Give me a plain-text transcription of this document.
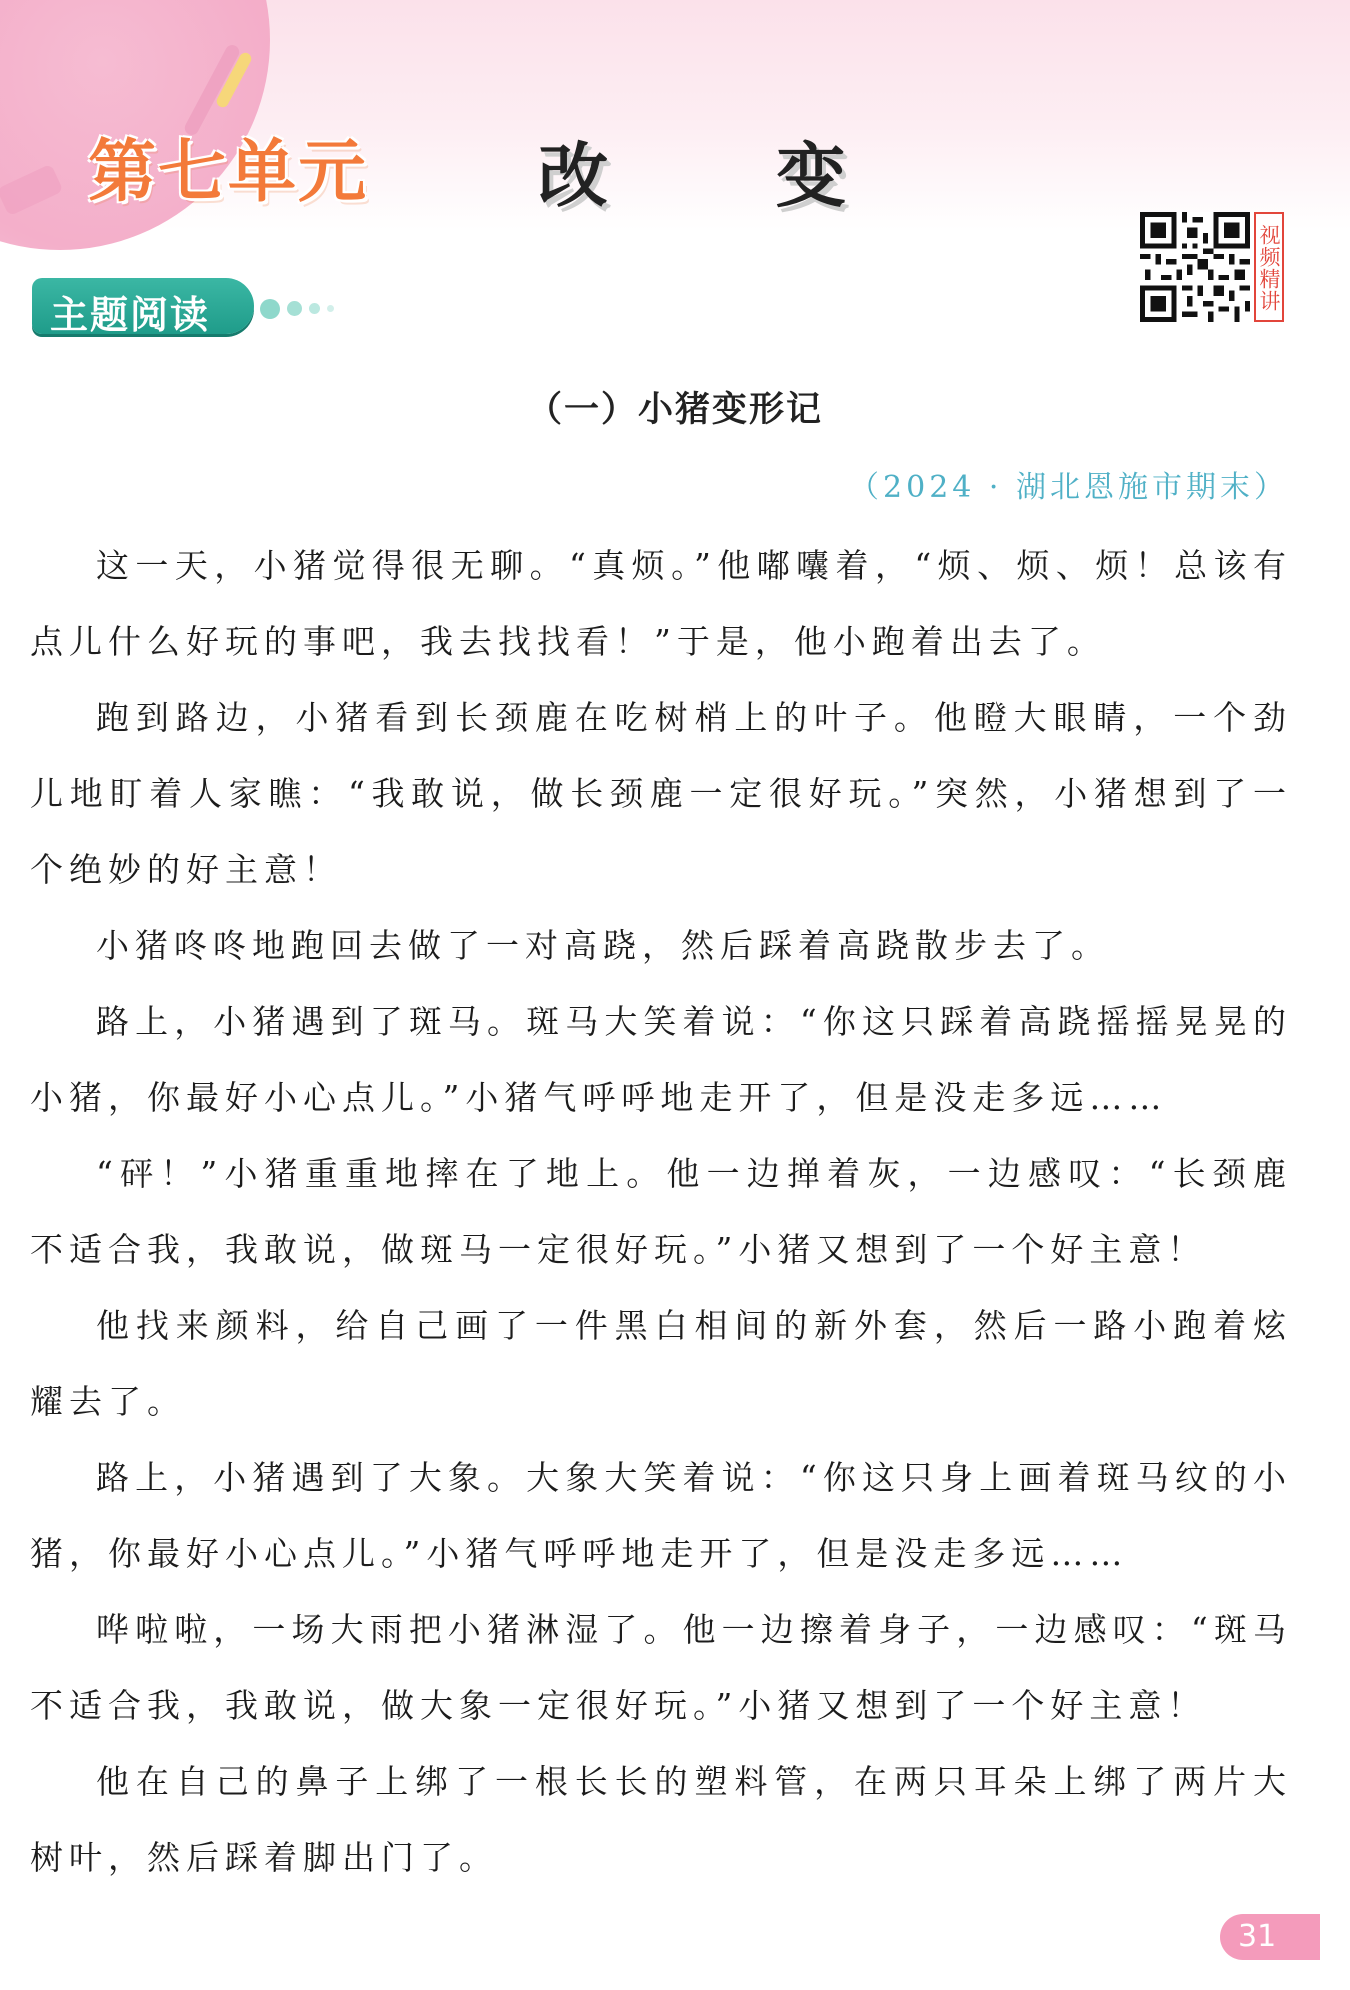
第七单元 改变
视频精讲
主题阅读
（一）小猪变形记
（2024 · 湖北恩施市期末）

这一天，小猪觉得很无聊。“真烦。”他嘟囔着，“烦、烦、烦！总该有点儿什么好玩的事吧，我去找找看！”于是，他小跑着出去了。

跑到路边，小猪看到长颈鹿在吃树梢上的叶子。他瞪大眼睛，一个劲儿地盯着人家瞧：“我敢说，做长颈鹿一定很好玩。”突然，小猪想到了一个绝妙的好主意！

小猪咚咚地跑回去做了一对高跷，然后踩着高跷散步去了。

路上，小猪遇到了斑马。斑马大笑着说：“你这只踩着高跷摇摇晃晃的小猪，你最好小心点儿。”小猪气呼呼地走开了，但是没走多远……

“砰！”小猪重重地摔在了地上。他一边掸着灰，一边感叹：“长颈鹿不适合我，我敢说，做斑马一定很好玩。”小猪又想到了一个好主意！

他找来颜料，给自己画了一件黑白相间的新外套，然后一路小跑着炫耀去了。

路上，小猪遇到了大象。大象大笑着说：“你这只身上画着斑马纹的小猪，你最好小心点儿。”小猪气呼呼地走开了，但是没走多远……

哗啦啦，一场大雨把小猪淋湿了。他一边擦着身子，一边感叹：“斑马不适合我，我敢说，做大象一定很好玩。”小猪又想到了一个好主意！

他在自己的鼻子上绑了一根长长的塑料管，在两只耳朵上绑了两片大树叶，然后踩着脚出门了。

31
